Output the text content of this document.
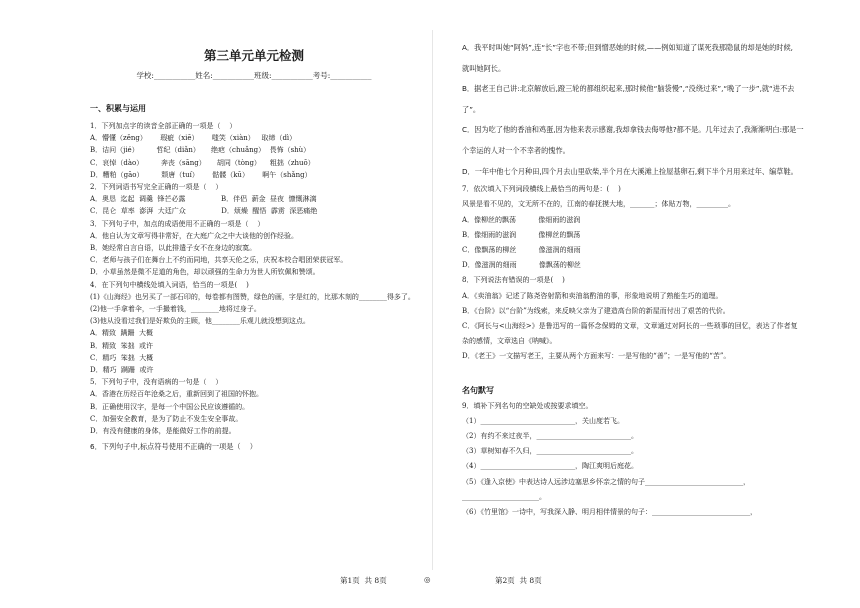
第三单元单元检测
学校:___________姓名:___________班级:___________考号:___________
一、积累与运用
1．下列加点字的读音全部正确的一项是（    ）
A．懵懂（zěng）      瑕疵（xiē）      嗤笑（xiàn）   取缔（dì）
B．诘问（jié）        哲纪（diǎn）     绝疤（chuǎng）  畏怖（shù）
C．哀悼（dào）        奔丧（sāng）     胡同（tòng）    粗拙（zhuō）
D．糟粕（gāo）        颓唐（tuí）      骷髅（kū）      啊午（shǎng）
2．下列词语书写完全正确的一项是（    ）
A．奥恳  迄起  调羹  锋芒必露                B．伴侣  薪金  昼夜  慷慨淋漓
C．昆仑  草率  澎湃  大廷广众                D．烦燥  醒悟  霹雳  深恶痛绝
3．下列句子中，加点的成语使用不正确的一项是（    ）
A．他自认为文章写得非常好，在大庭广众之中大谈他的创作经验。
B．她经常自言自语，以此排遣子女不在身边的寂寞。
C．老师与孩子们在舞台上不约而同地，共享天伦之乐，庆祝本校合唱团荣获冠军。
D．小草虽然是微不足道的角色，却以顽强的生命力为世人所钦佩和赞颂。
4．在下列句中横线处填入词语，恰当的一项是(    )
(1)《山海经》也另买了一部石印的，每卷都有图赞，绿色的画，字是红的，比那木刻的________得多了。
(2)他一手拿着伞，一手撮着钱，________地将过身子。
(3)他从没看过我们是好欺负的主顾，他________乐观儿就没想到这点。
A．精致  蹒跚  大概
B．精致  笨拙  或许
C．精巧  笨拙  大概
D．精巧  蹒跚  或许
5．下列句子中，没有语病的一句是（    ）
A．香港在历经百年沧桑之后，重新回到了祖国的怀抱。
B．正确使用汉字，是每一个中国公民应该遵循的。
C．加强安全教育，是为了防止不发生安全事故。
D．有没有健康的身体，是能做好工作的前提。
6．下列句子中,标点符号使用不正确的一项是（    ）
A．我平时叫她“阿妈”,连“长”字也不带;但到憎恶她的时候,——例如知道了谋死我那隐鼠的却是她的时候,
就叫她阿长。
B．据老王自己讲:北京解放后,蹬三轮的都组织起来,那时候他“脑袋慢”,“没绕过来”,“晚了一步”,就“进不去
了”。
C．因为吃了他的香油和鸡蛋,因为他来表示感谢,我却拿钱去侮辱他?都不是。几年过去了,我渐渐明白:那是一
个幸运的人对一个不幸者的愧怍。
D．一年中他七个月种田,四个月去山里砍柴,半个月在大溪滩上捡屋基卵石,剩下半个月用来过年、编草鞋。
7．依次填入下列词段横线上最恰当的两句是：(    )
风景是看不见的，文无所不在的，江南的春抚摸大地，_______；体贴万物，_________。
A．像柳丝的飘荡          像细雨的滋润
B．像细雨的滋润          像柳丝的飘荡
C．像飘荡的柳丝          像滋润的细雨
D．像滋润的细雨          像飘荡的柳丝
8．下列说法有错误的一项是(    )
A．《卖油翁》记述了陈尧咨射箭和卖油翁酌油的事，形象地说明了熟能生巧的道理。
B．《台阶》以“台阶”为线索，来反映父亲为了建造高台阶的新屋而付出了艰苦的代价。
C．《阿长与<山海经>》是鲁迅写的一篇怀念保姆的文章，文章通过对阿长的一些琐事的回忆，表达了作者复
杂的感情，文章选自《呐喊》。
D．《老王》一文描写老王，主要从两个方面来写：一是写他的“善”；一是写他的“苦”。
名句默写
9．填补下列名句的空缺处或按要求填空。
（1）___________________________，关山度若飞。
（2）有约不来过夜半，___________________________。
（3）草树知春不久归，___________________________。
（4）___________________________，陶江爽明后庭花。
（5）《逢入京使》中表达诗人远涉边塞思乡怀亲之情的句子____________________________，
______________________。
（6）《竹里馆》一诗中，写我深入静、明月相伴情景的句子：____________________________，
第1页  共 8页	◎	第2页  共 8页
